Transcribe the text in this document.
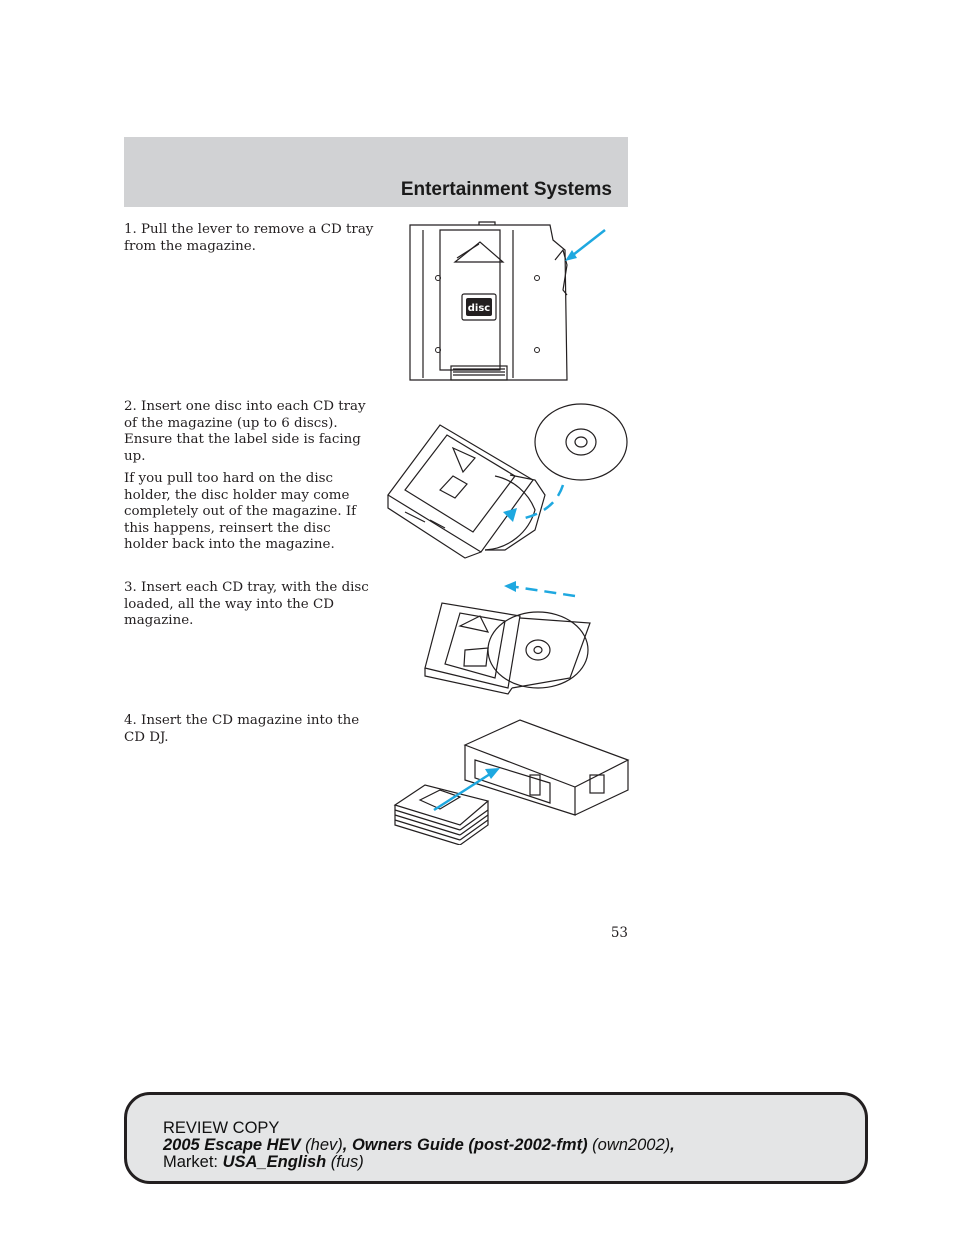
Entertainment Systems

1. Pull the lever to remove a CD tray from the magazine.

disc

2. Insert one disc into each CD tray of the magazine (up to 6 discs). Ensure that the label side is facing up.

If you pull too hard on the disc holder, the disc holder may come completely out of the magazine. If this happens, reinsert the disc holder back into the magazine.

3. Insert each CD tray, with the disc loaded, all the way into the CD magazine.

4. Insert the CD magazine into the CD DJ.

53
REVIEW COPY
2005 Escape HEV (hev), Owners Guide (post-2002-fmt) (own2002),
Market: USA_English (fus)
